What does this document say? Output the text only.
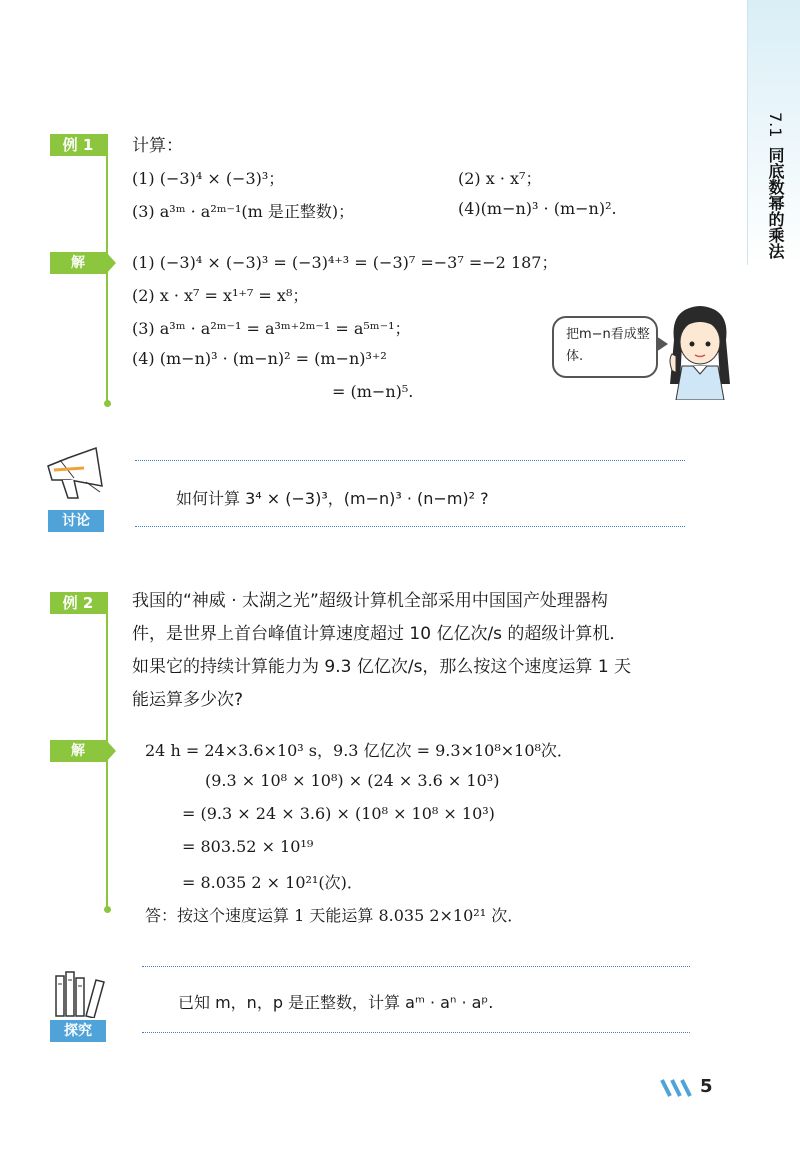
7.1
同底数幂的乘法
例 1	计算：
(1) (−3)⁴ × (−3)³；	(2) x · x⁷；
(3) a³ᵐ · a²ᵐ⁻¹(m 是正整数)；	(4)(m−n)³ · (m−n)².
解	(1) (−3)⁴ × (−3)³ = (−3)⁴⁺³ = (−3)⁷ =−3⁷ =−2 187；
(2) x · x⁷ = x¹⁺⁷ = x⁸；
(3) a³ᵐ · a²ᵐ⁻¹ = a³ᵐ⁺²ᵐ⁻¹ = a⁵ᵐ⁻¹；
(4) (m−n)³ · (m−n)² = (m−n)³⁺²
= (m−n)⁵.
把m−n看成整体.
讨论
如何计算 3⁴ × (−3)³，(m−n)³ · (n−m)² ?
例 2	我国的“神威 · 太湖之光”超级计算机全部采用中国国产处理器构
件，是世界上首台峰值计算速度超过 10 亿亿次/s 的超级计算机．
如果它的持续计算能力为 9.3 亿亿次/s，那么按这个速度运算 1 天
能运算多少次?
解	24 h = 24×3.6×10³ s，9.3 亿亿次 = 9.3×10⁸×10⁸次．
(9.3 × 10⁸ × 10⁸) × (24 × 3.6 × 10³)
= (9.3 × 24 × 3.6) × (10⁸ × 10⁸ × 10³)
= 803.52 × 10¹⁹
= 8.035 2 × 10²¹(次)．
答：按这个速度运算 1 天能运算 8.035 2×10²¹ 次．
探究
已知 m，n，p 是正整数，计算 aᵐ · aⁿ · aᵖ.
5
